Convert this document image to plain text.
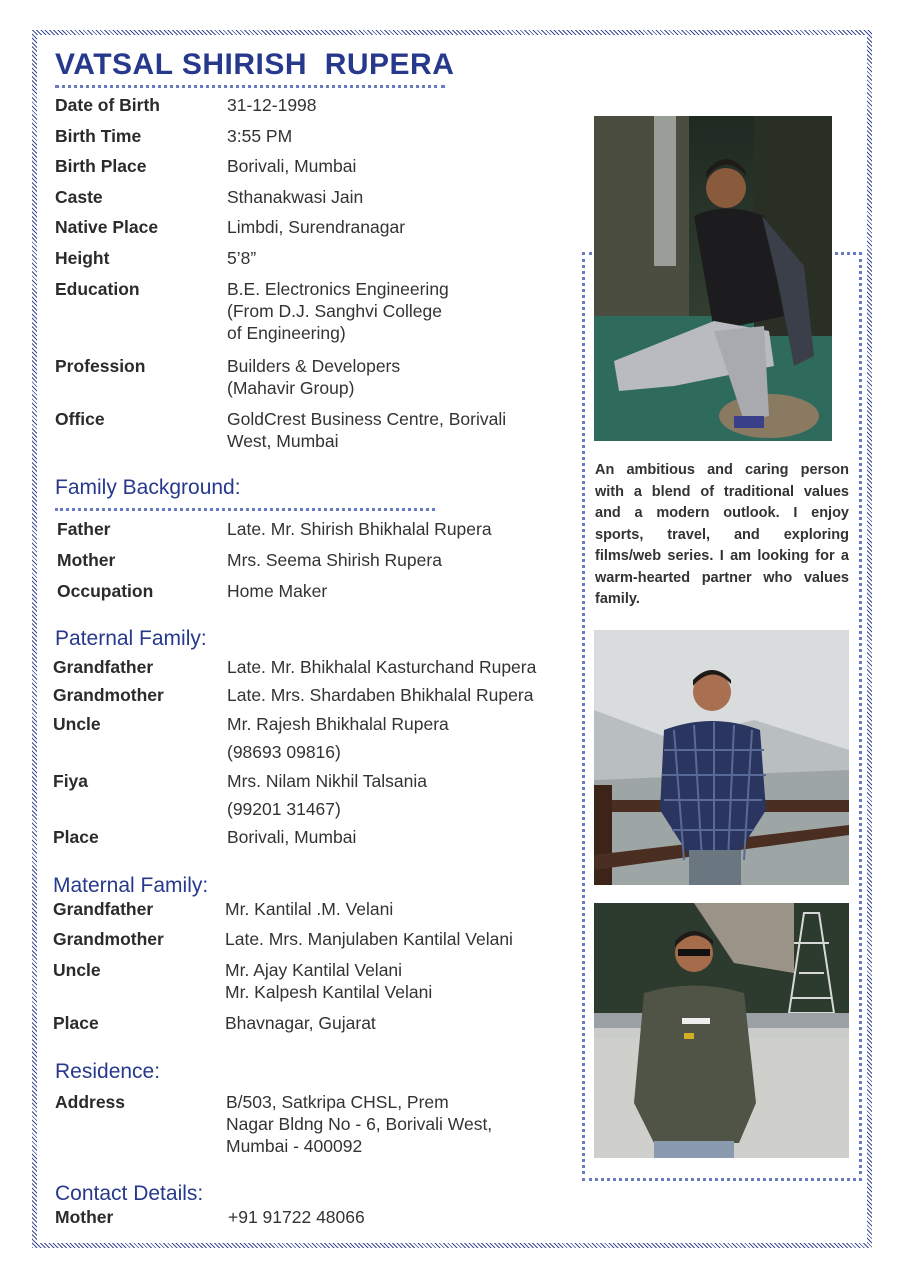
VATSAL SHIRISH  RUPERA
Date of Birth	31-12-1998
Birth Time	3:55 PM
Birth Place	Borivali, Mumbai
Caste	Sthanakwasi Jain
Native Place	Limbdi, Surendranagar
Height	5’8”
Education	B.E. Electronics Engineering
(From D.J. Sanghvi College
of Engineering)
Profession	Builders & Developers
(Mahavir Group)
Office	GoldCrest Business Centre, Borivali
West, Mumbai
Family Background:
Father	Late. Mr. Shirish Bhikhalal Rupera
Mother	Mrs. Seema Shirish Rupera
Occupation	Home Maker
Paternal Family:
Grandfather	Late. Mr. Bhikhalal Kasturchand Rupera
Grandmother	Late. Mrs. Shardaben Bhikhalal Rupera
Uncle	Mr. Rajesh Bhikhalal Rupera
(98693 09816)
Fiya	Mrs. Nilam Nikhil Talsania
(99201 31467)
Place	Borivali, Mumbai
Maternal Family:
Grandfather	Mr. Kantilal .M. Velani
Grandmother	Late. Mrs. Manjulaben Kantilal Velani
Uncle	Mr. Ajay Kantilal Velani
Mr. Kalpesh Kantilal Velani
Place	Bhavnagar, Gujarat
Residence:
Address	B/503, Satkripa CHSL, Prem
Nagar Bldng No - 6, Borivali West,
Mumbai - 400092
Contact Details:
Mother	+91 91722 48066
An ambitious and caring person with a blend of traditional values and a modern outlook. I enjoy sports, travel, and exploring films/web series. I am looking for a warm-hearted partner who values family.
